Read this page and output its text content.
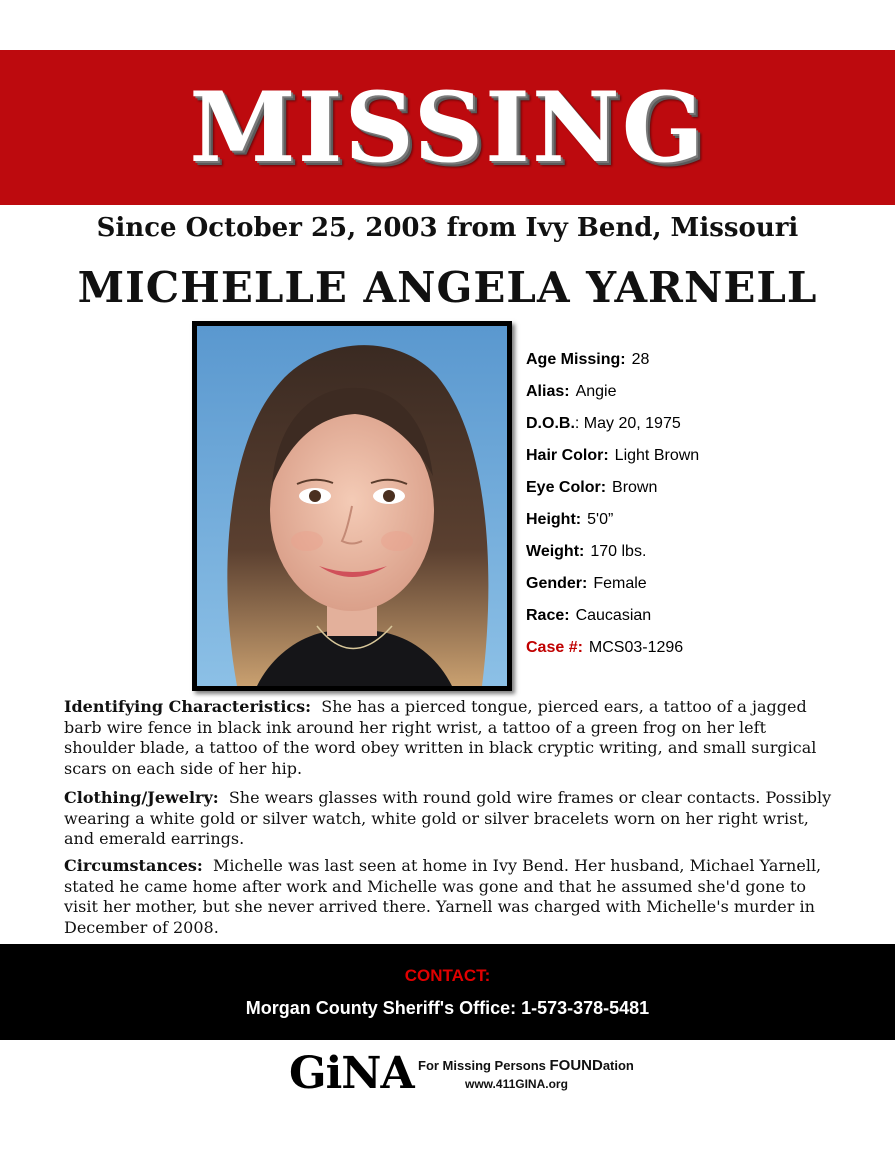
MISSING
Since October 25, 2003 from Ivy Bend, Missouri
MICHELLE ANGELA YARNELL
Age Missing: 28
Alias: Angie
D.O.B.: May 20, 1975
Hair Color: Light Brown
Eye Color: Brown
Height: 5'0”
Weight: 170 lbs.
Gender: Female
Race: Caucasian
Case #: MCS03-1296
Identifying Characteristics: She has a pierced tongue, pierced ears, a tattoo of a jagged barb wire fence in black ink around her right wrist, a tattoo of a green frog on her left shoulder blade, a tattoo of the word obey written in black cryptic writing, and small surgical scars on each side of her hip.
Clothing/Jewelry: She wears glasses with round gold wire frames or clear contacts. Possibly wearing a white gold or silver watch, white gold or silver bracelets worn on her right wrist, and emerald earrings.
Circumstances: Michelle was last seen at home in Ivy Bend. Her husband, Michael Yarnell, stated he came home after work and Michelle was gone and that he assumed she'd gone to visit her mother, but she never arrived there. Yarnell was charged with Michelle's murder in December of 2008.
CONTACT:
Morgan County Sheriff's Office: 1-573-378-5481
GiNA For Missing Persons FOUNDation
www.411GINA.org
